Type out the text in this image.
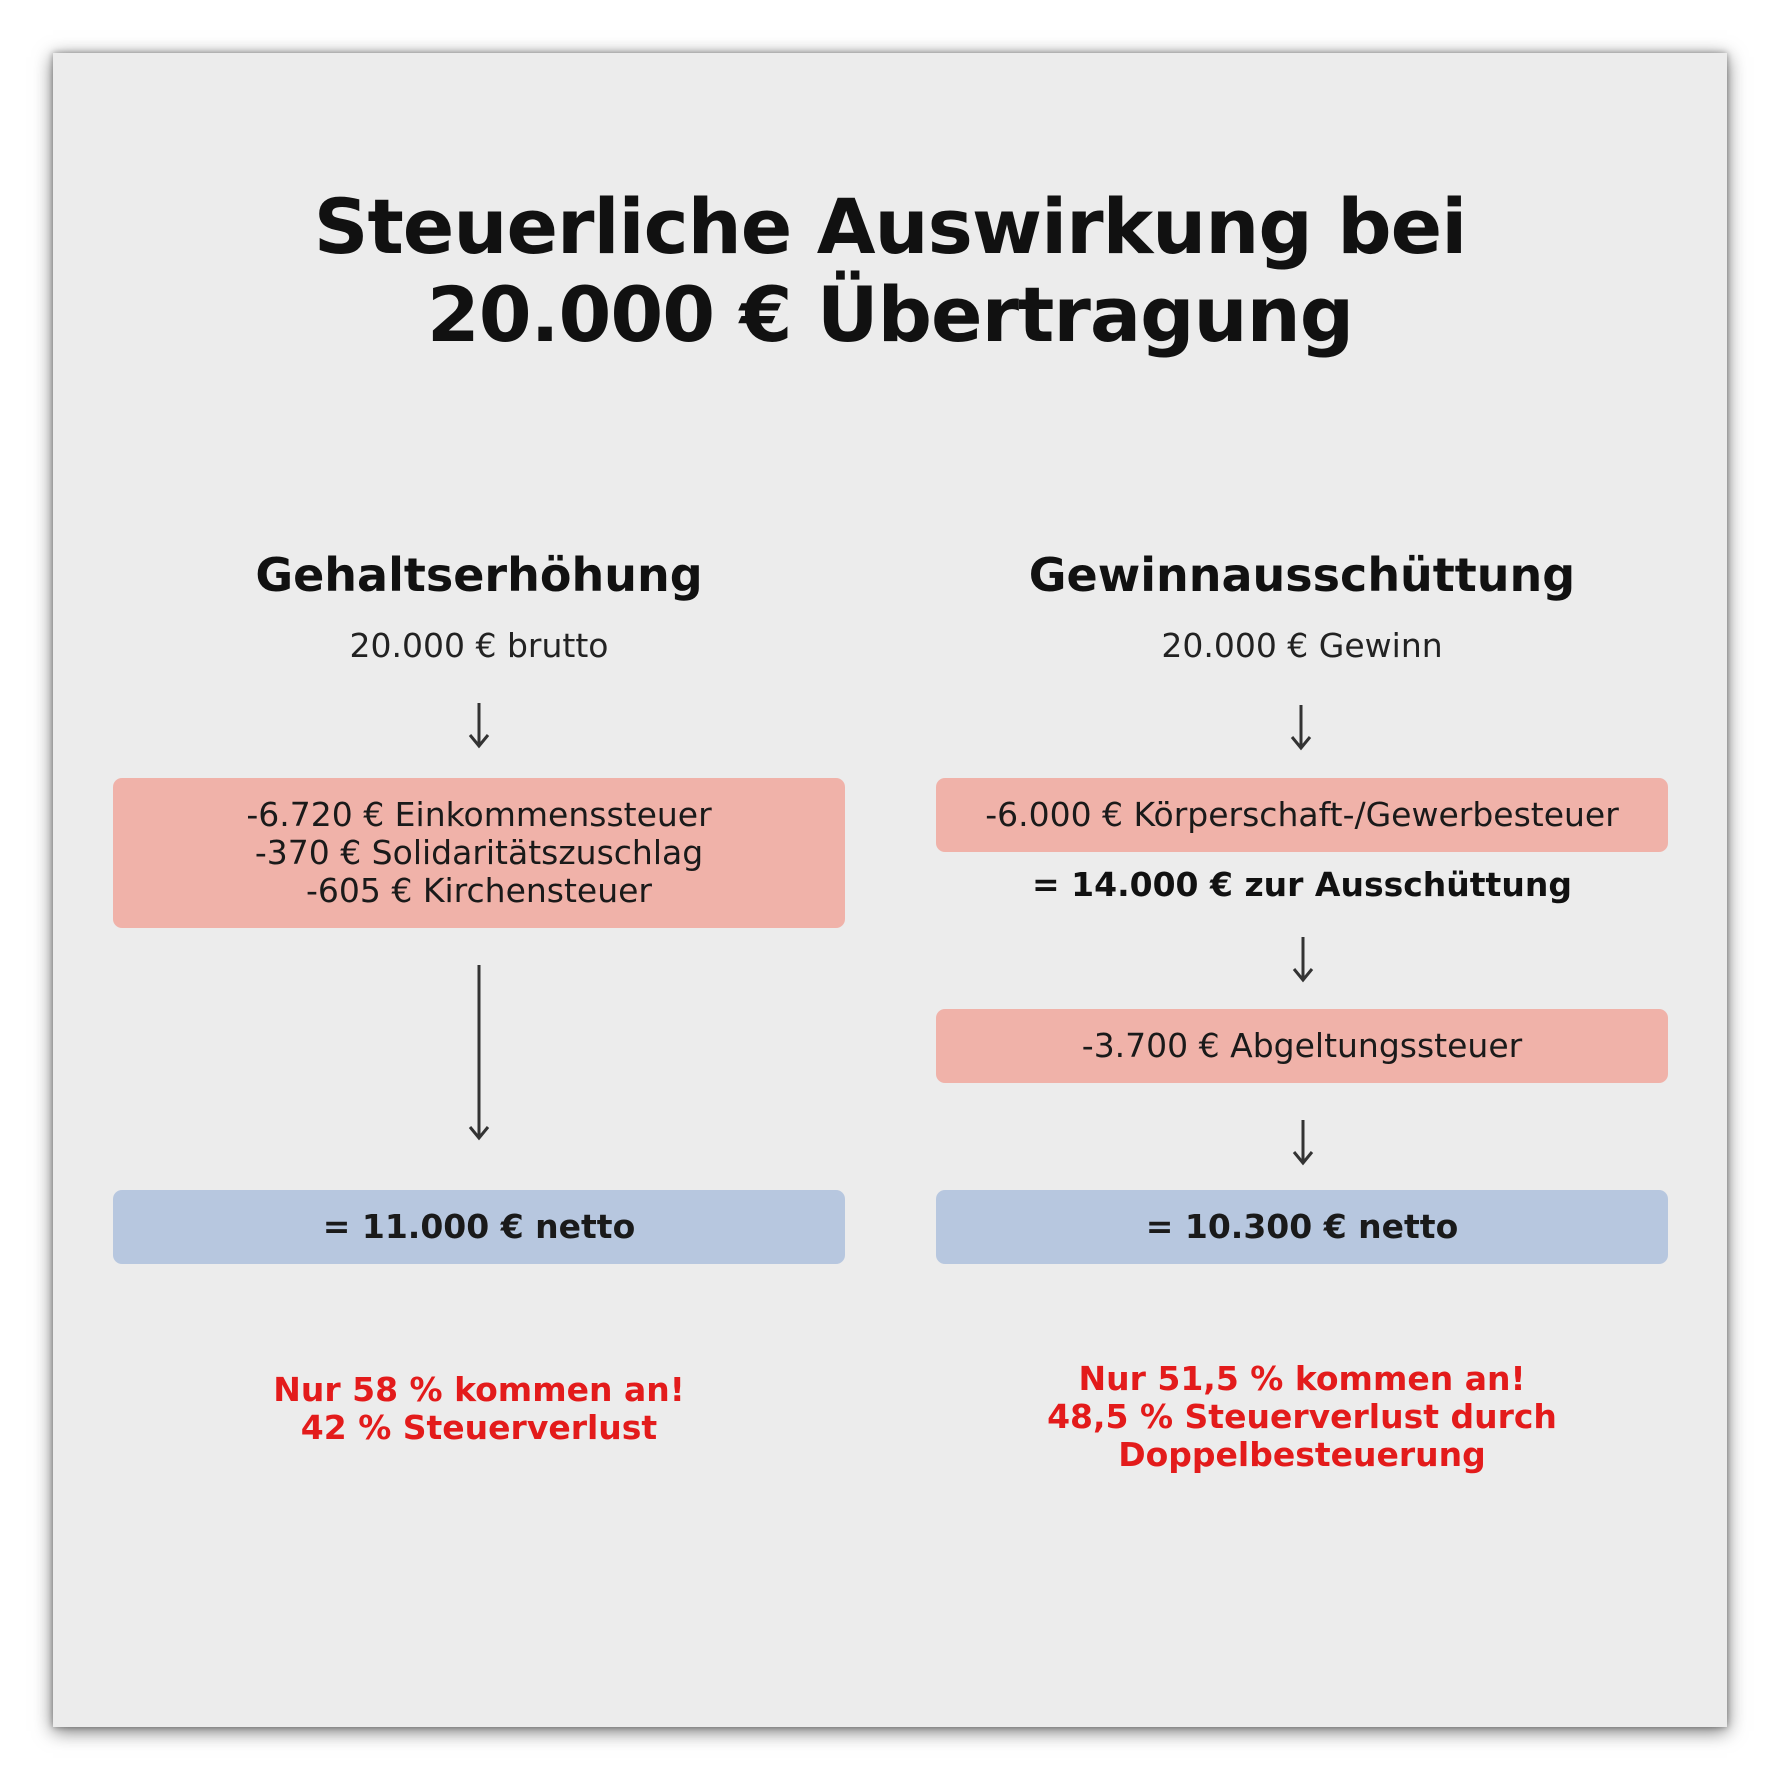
Steuerliche Auswirkung bei
20.000 € Übertragung
Gehaltserhöhung
20.000 € brutto
-6.720 € Einkommenssteuer
-370 € Solidaritätszuschlag
-605 € Kirchensteuer
= 11.000 € netto
Nur 58 % kommen an!
42 % Steuerverlust
Gewinnausschüttung
20.000 € Gewinn
-6.000 € Körperschaft-/Gewerbesteuer
= 14.000 € zur Ausschüttung
-3.700 € Abgeltungssteuer
= 10.300 € netto
Nur 51,5 % kommen an!
48,5 % Steuerverlust durch
Doppelbesteuerung
